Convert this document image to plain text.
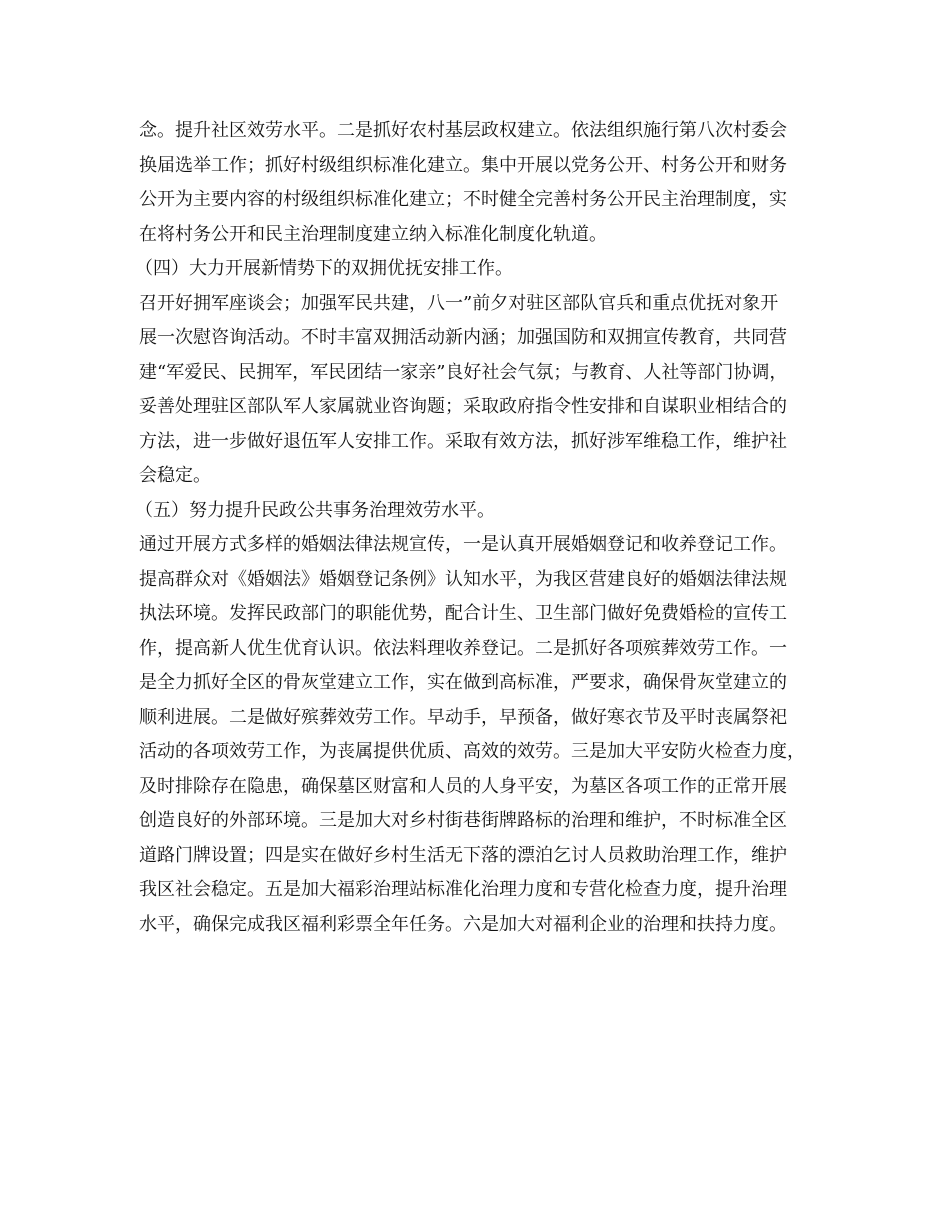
念。提升社区效劳水平。二是抓好农村基层政权建立。依法组织施行第八次村委会
换届选举工作；抓好村级组织标准化建立。集中开展以党务公开、村务公开和财务
公开为主要内容的村级组织标准化建立；不时健全完善村务公开民主治理制度，实
在将村务公开和民主治理制度建立纳入标准化制度化轨道。
（四）大力开展新情势下的双拥优抚安排工作。
召开好拥军座谈会；加强军民共建，八一”前夕对驻区部队官兵和重点优抚对象开
展一次慰咨询活动。不时丰富双拥活动新内涵；加强国防和双拥宣传教育，共同营
建“军爱民、民拥军，军民团结一家亲”良好社会气氛；与教育、人社等部门协调，
妥善处理驻区部队军人家属就业咨询题；采取政府指令性安排和自谋职业相结合的
方法，进一步做好退伍军人安排工作。采取有效方法，抓好涉军维稳工作，维护社
会稳定。
（五）努力提升民政公共事务治理效劳水平。
通过开展方式多样的婚姻法律法规宣传，一是认真开展婚姻登记和收养登记工作。
提高群众对《婚姻法》婚姻登记条例》认知水平，为我区营建良好的婚姻法律法规
执法环境。发挥民政部门的职能优势，配合计生、卫生部门做好免费婚检的宣传工
作，提高新人优生优育认识。依法料理收养登记。二是抓好各项殡葬效劳工作。一
是全力抓好全区的骨灰堂建立工作，实在做到高标准，严要求，确保骨灰堂建立的
顺利进展。二是做好殡葬效劳工作。早动手，早预备，做好寒衣节及平时丧属祭祀
活动的各项效劳工作，为丧属提供优质、高效的效劳。三是加大平安防火检查力度，
及时排除存在隐患，确保墓区财富和人员的人身平安，为墓区各项工作的正常开展
创造良好的外部环境。三是加大对乡村街巷街牌路标的治理和维护，不时标准全区
道路门牌设置；四是实在做好乡村生活无下落的漂泊乞讨人员救助治理工作，维护
我区社会稳定。五是加大福彩治理站标准化治理力度和专营化检查力度，提升治理
水平，确保完成我区福利彩票全年任务。六是加大对福利企业的治理和扶持力度。
